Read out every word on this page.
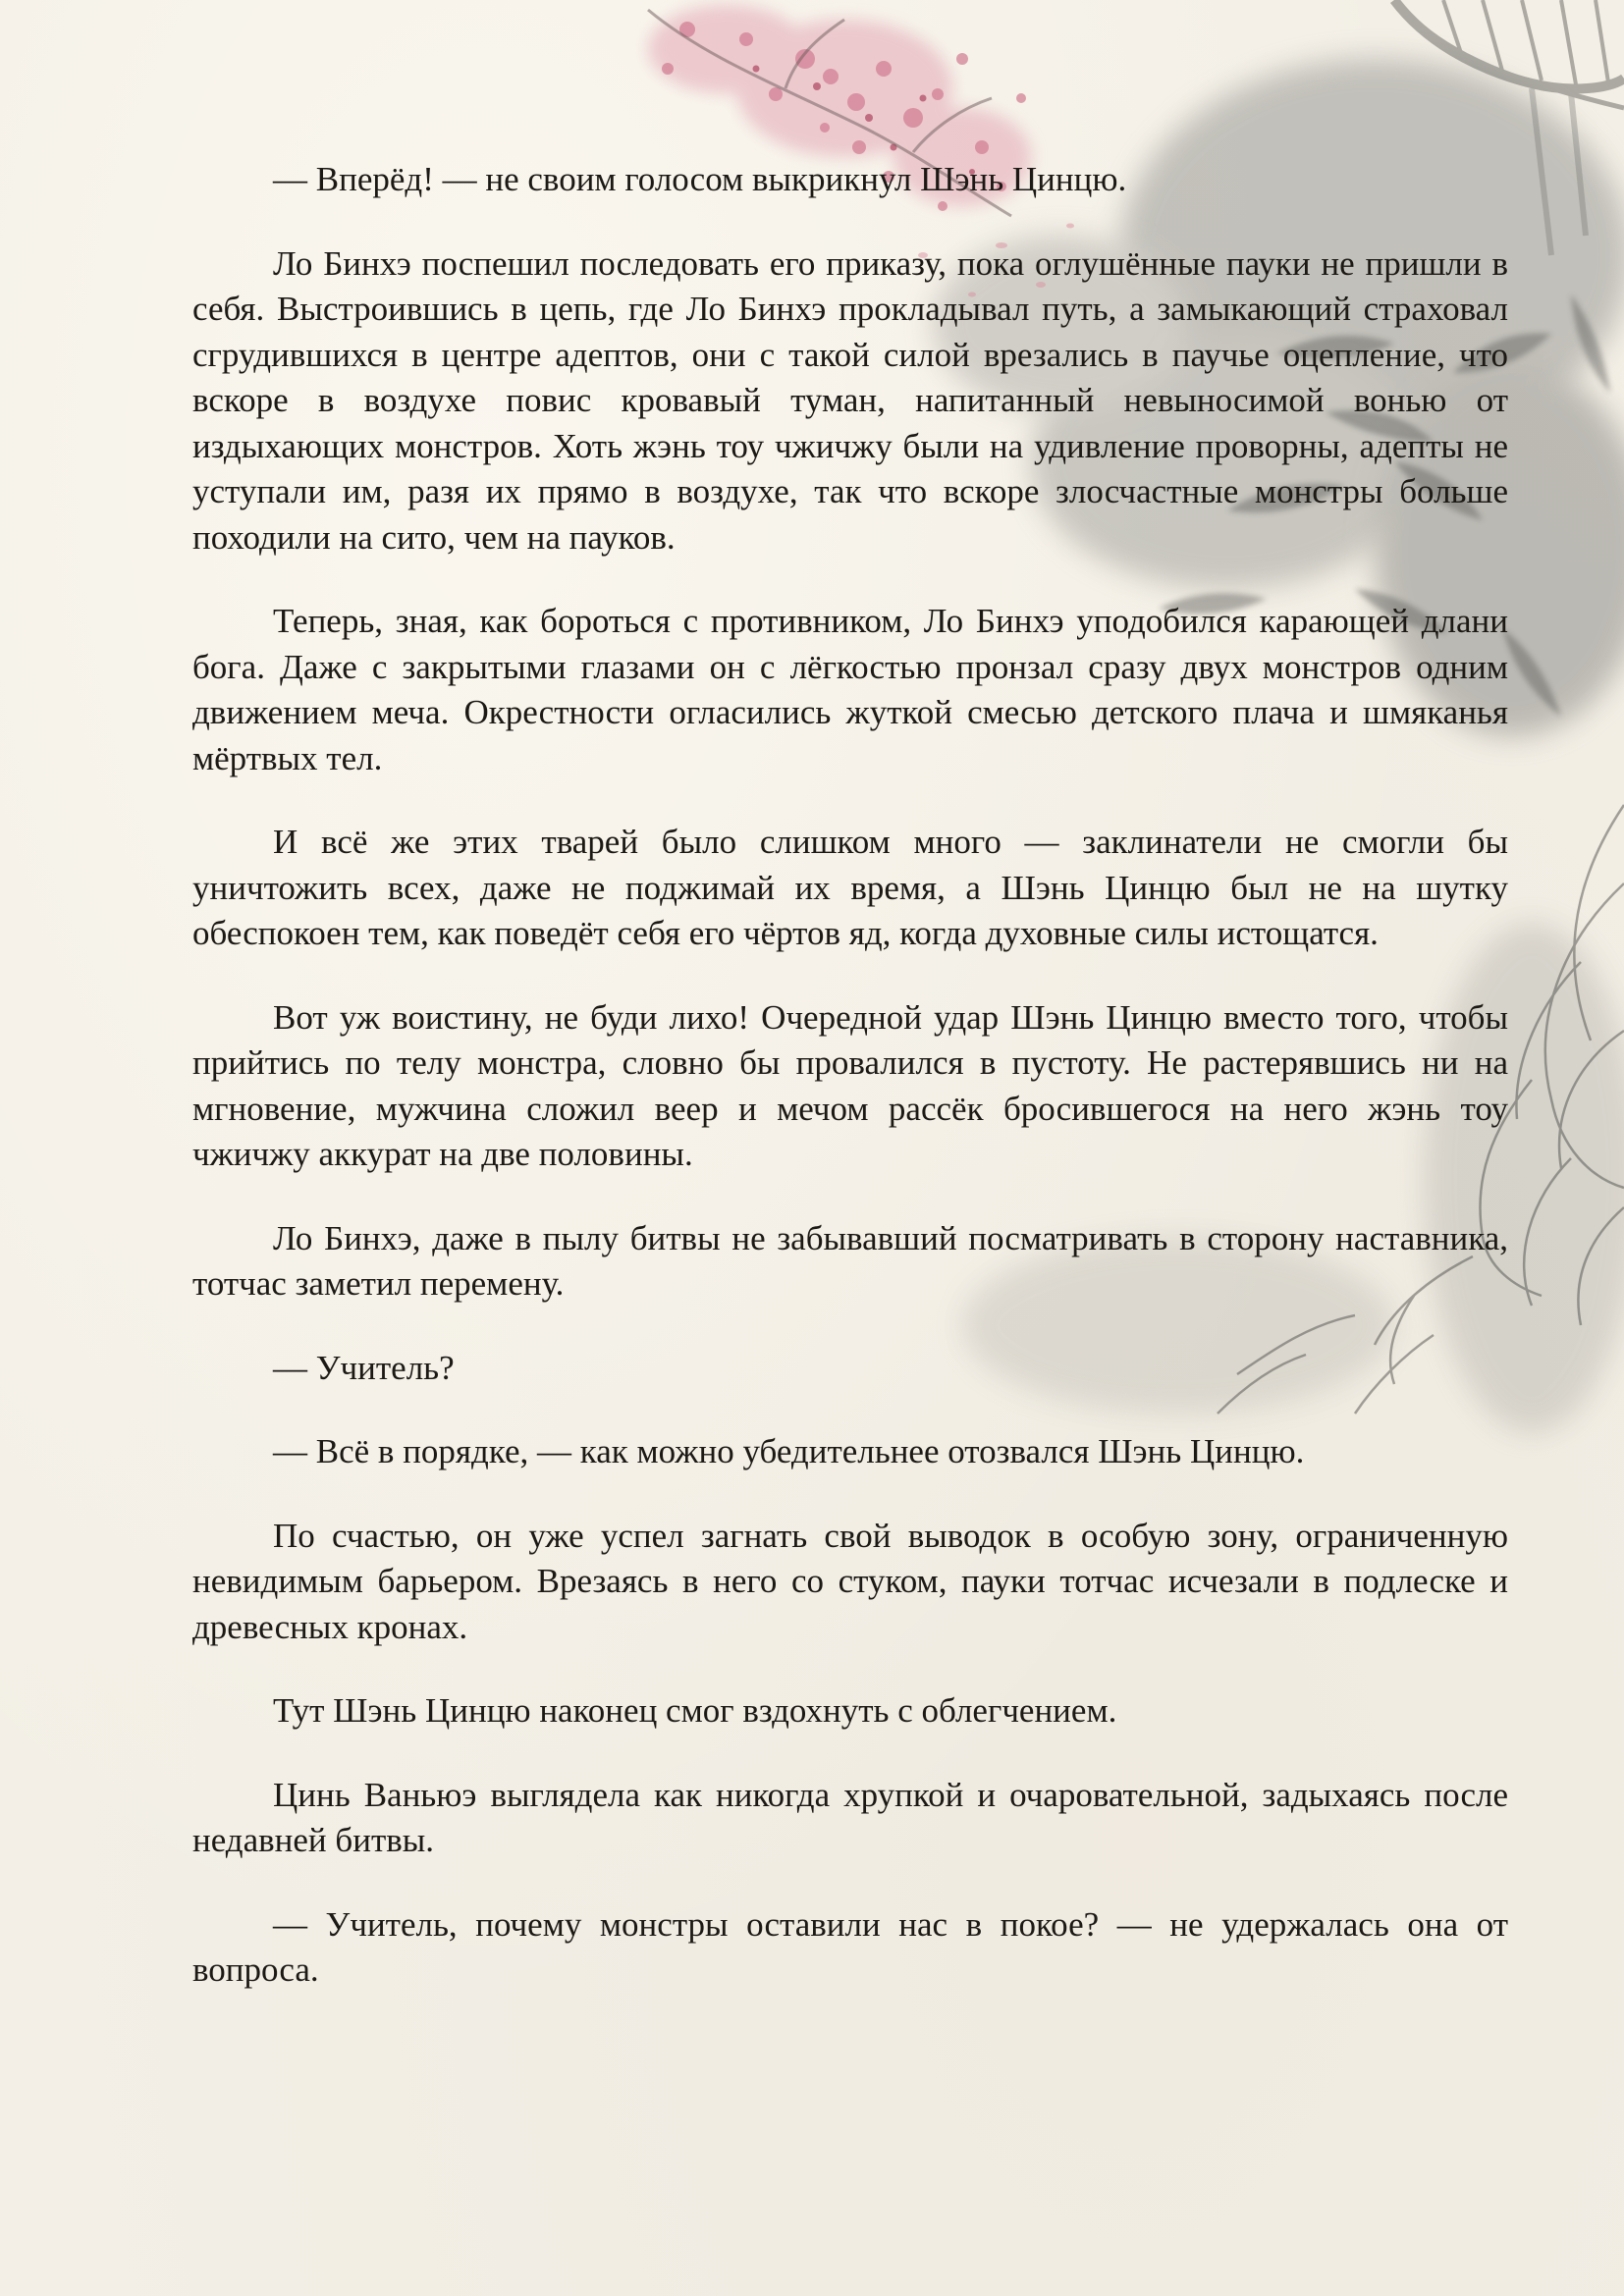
— Вперёд! — не своим голосом выкрикнул Шэнь Цинцю.

Ло Бинхэ поспешил последовать его приказу, пока оглушённые пауки не пришли в себя. Выстроившись в цепь, где Ло Бинхэ прокладывал путь, а замыкающий страховал сгрудившихся в центре адептов, они с такой силой врезались в паучье оцепление, что вскоре в воздухе повис кровавый туман, напитанный невыносимой вонью от издыхающих монстров. Хоть жэнь тоу чжичжу были на удивление проворны, адепты не уступали им, разя их прямо в воздухе, так что вскоре злосчастные монстры больше походили на сито, чем на пауков.

Теперь, зная, как бороться с противником, Ло Бинхэ уподобился карающей длани бога. Даже с закрытыми глазами он с лёгкостью пронзал сразу двух монстров одним движением меча. Окрестности огласились жуткой смесью детского плача и шмяканья мёртвых тел.

И всё же этих тварей было слишком много — заклинатели не смогли бы уничтожить всех, даже не поджимай их время, а Шэнь Цинцю был не на шутку обеспокоен тем, как поведёт себя его чёртов яд, когда духовные силы истощатся.

Вот уж воистину, не буди лихо! Очередной удар Шэнь Цинцю вместо того, чтобы прийтись по телу монстра, словно бы провалился в пустоту. Не растерявшись ни на мгновение, мужчина сложил веер и мечом рассёк бросившегося на него жэнь тоу чжичжу аккурат на две половины.

Ло Бинхэ, даже в пылу битвы не забывавший посматривать в сторону наставника, тотчас заметил перемену.

— Учитель?

— Всё в порядке, — как можно убедительнее отозвался Шэнь Цинцю.

По счастью, он уже успел загнать свой выводок в особую зону, ограниченную невидимым барьером. Врезаясь в него со стуком, пауки тотчас исчезали в подлеске и древесных кронах.

Тут Шэнь Цинцю наконец смог вздохнуть с облегчением.

Цинь Ваньюэ выглядела как никогда хрупкой и очаровательной, задыхаясь после недавней битвы.

— Учитель, почему монстры оставили нас в покое? — не удержалась она от вопроса.
